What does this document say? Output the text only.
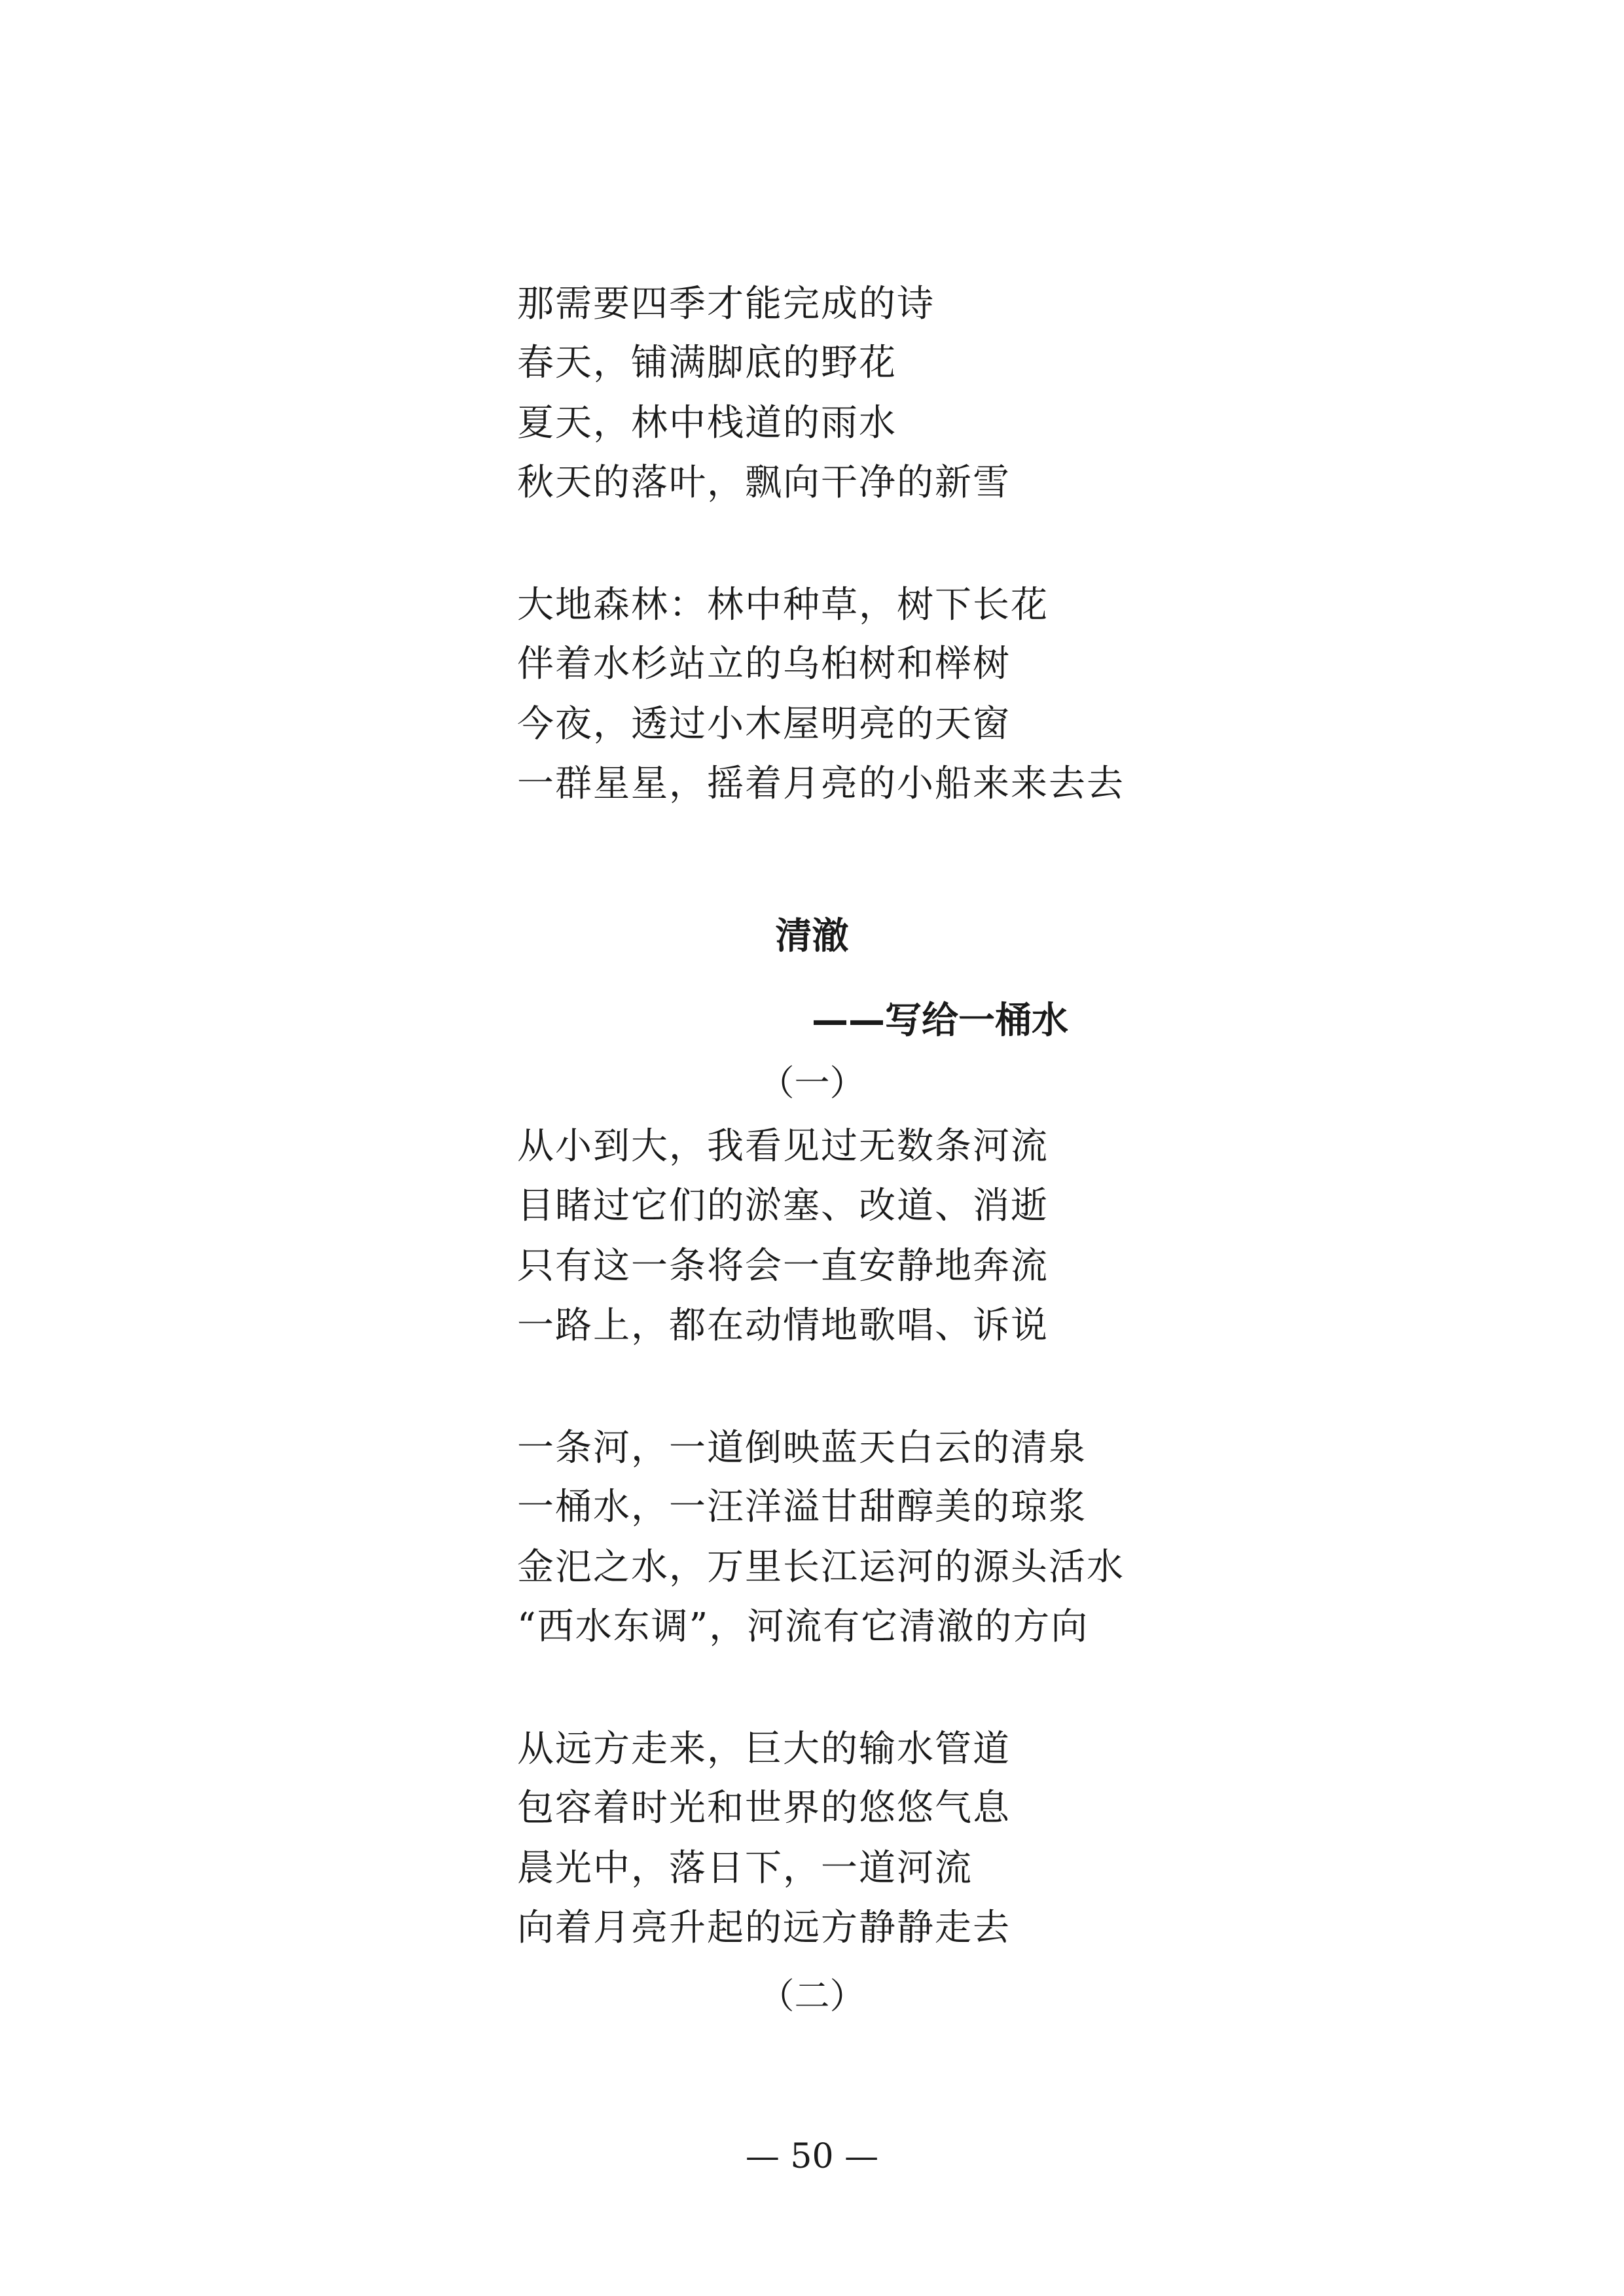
那需要四季才能完成的诗
春天，铺满脚底的野花
夏天，林中栈道的雨水
秋天的落叶，飘向干净的新雪
大地森林：林中种草，树下长花
伴着水杉站立的乌桕树和榉树
今夜，透过小木屋明亮的天窗
一群星星，摇着月亮的小船来来去去
清澈
——写给一桶水
（一）
从小到大，我看见过无数条河流
目睹过它们的淤塞、改道、消逝
只有这一条将会一直安静地奔流
一路上，都在动情地歌唱、诉说
一条河，一道倒映蓝天白云的清泉
一桶水，一汪洋溢甘甜醇美的琼浆
金汜之水，万里长江运河的源头活水
“西水东调”，河流有它清澈的方向
从远方走来，巨大的输水管道
包容着时光和世界的悠悠气息
晨光中，落日下，一道河流
向着月亮升起的远方静静走去
（二）
— 50 —
